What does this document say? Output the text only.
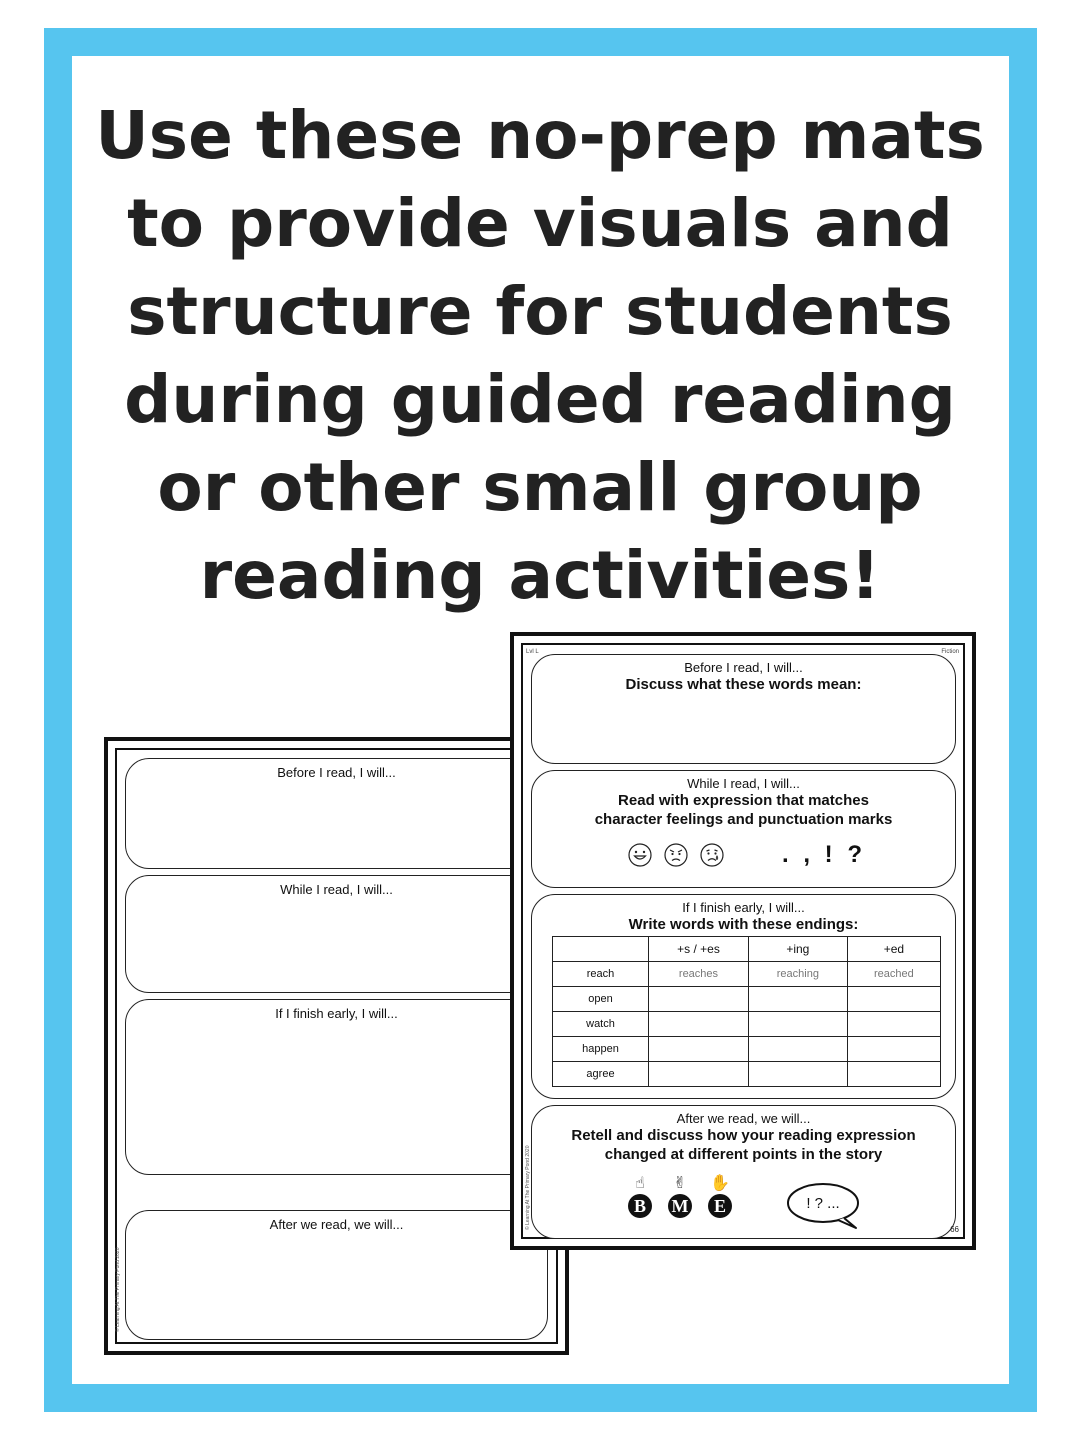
Use these no-prep mats
to provide visuals and
structure for students
during guided reading
or other small group
reading activities!
Before I read, I will...
While I read, I will...
If I finish early, I will...
After we read, we will...
© Learning At The Primary Pond 2020
Lvl L	Fiction
Before I read, I will...
Discuss what these words mean:
While I read, I will...
Read with expression that matches
character feelings and punctuation marks
. , ! ?
If I finish early, I will...
Write words with these endings:
	+s / +es	+ing	+ed
reach	reaches	reaching	reached
open			
watch			
happen			
agree			
After we read, we will...
Retell and discuss how your reading expression
changed at different points in the story
☝
B
✌
M
✋
E	! ? ...
© Learning At The Primary Pond 2020	66
